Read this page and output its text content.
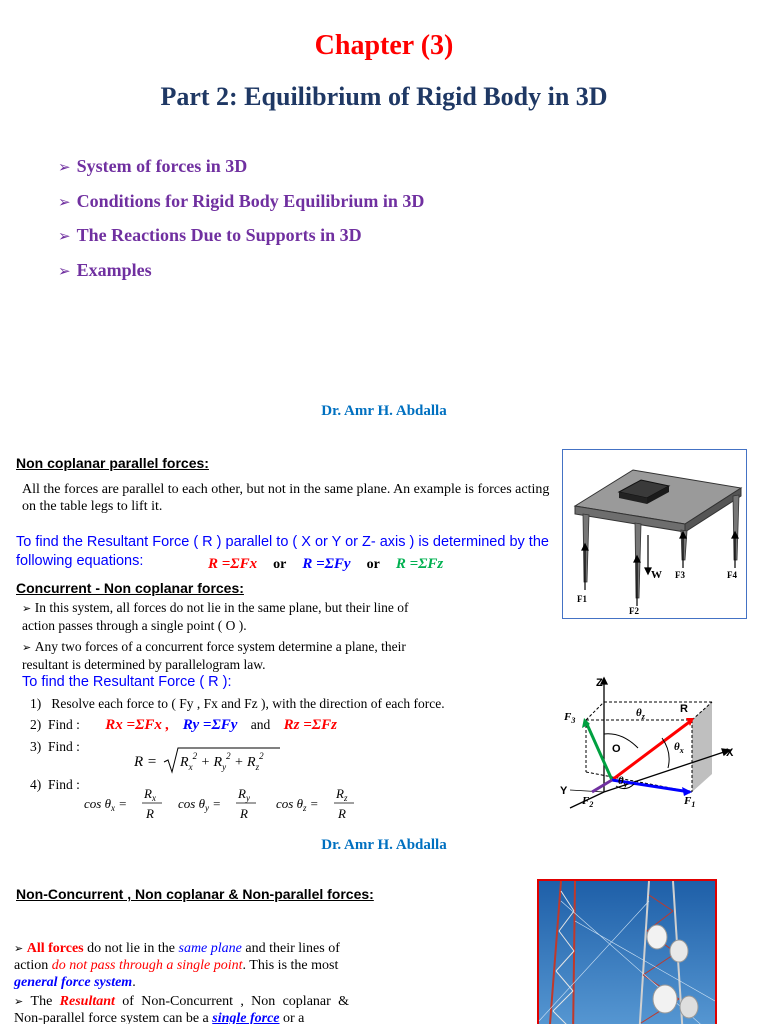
Chapter (3)
Part 2: Equilibrium of Rigid Body in 3D
➢ System of forces in 3D
➢ Conditions for Rigid Body Equilibrium in 3D
➢ The Reactions Due to Supports in 3D
➢ Examples
Dr. Amr H. Abdalla
Non coplanar parallel forces:
All the forces are parallel to each other, but not in the same plane. An example is forces acting on the table legs to lift it.
To find the Resultant Force ( R ) parallel to ( X or Y or Z- axis ) is determined by the following equations:	R =ΣFx or R =ΣFy or R =ΣFz
F1
F2
W F3	F4
Concurrent - Non coplanar forces:
➢ In this system, all forces do not lie in the same plane, but their line of action passes through a single point ( O ).
➢ Any two forces of a concurrent force system determine a plane, their resultant is determined by parallelogram law.
To find the Resultant Force ( R ):
1)   Resolve each force to ( Fy , Fx and Fz ), with the direction of each force.
2)  Find : Rx =ΣFx , Ry =ΣFy and Rz =ΣFz
3)  Find :
$R = R_x^2 + R_y^2 + R_z^2$
4)  Find :
$\cos \theta_x$ =
$R_x$
R
$\cos \theta_y$ =
$R_y$
R
$\cos \theta_z$ =
$R_z$
R
Z
X
Y
O
R
$F_3$
$F_2$	$F_1$
$\theta_z$
$\theta_x$
$\theta_y$
Dr. Amr H. Abdalla
Non-Concurrent , Non coplanar & Non-parallel forces:
➢ All forces do not lie in the same plane and their lines of action do not pass through a single point. This is the most general force system.
➢ The Resultant of Non-Concurrent , Non coplanar & Non-parallel force system can be a single force or a
